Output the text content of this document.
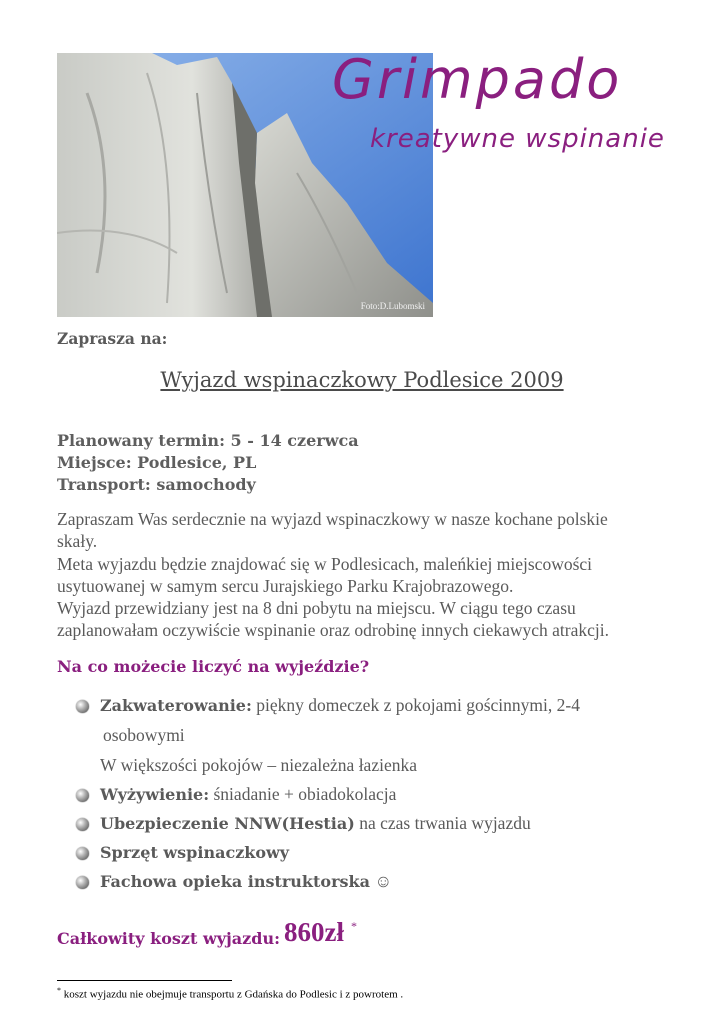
Foto:D.Lubomski
Grimpado
kreatywne wspinanie
Zaprasza na:
Wyjazd wspinaczkowy Podlesice 2009
Planowany termin: 5 - 14 czerwca
Miejsce: Podlesice, PL
Transport: samochody
Zapraszam Was serdecznie na wyjazd wspinaczkowy w nasze kochane polskie
skały.
Meta wyjazdu będzie znajdować się w Podlesicach, maleńkiej miejscowości
usytuowanej w samym sercu Jurajskiego Parku Krajobrazowego.
Wyjazd przewidziany jest na 8 dni pobytu na miejscu. W ciągu tego czasu
zaplanowałam oczywiście wspinanie oraz odrobinę innych ciekawych atrakcji.
Na co możecie liczyć na wyjeździe?
Zakwaterowanie: piękny domeczek z pokojami gościnnymi, 2-4
osobowymi
W większości pokojów – niezależna łazienka
Wyżywienie: śniadanie + obiadokolacja
Ubezpieczenie NNW(Hestia) na czas trwania wyjazdu
Sprzęt wspinaczkowy
Fachowa opieka instruktorska ☺
Całkowity koszt wyjazdu: 860zł *
* koszt wyjazdu nie obejmuje transportu z Gdańska do Podlesic i z powrotem .
